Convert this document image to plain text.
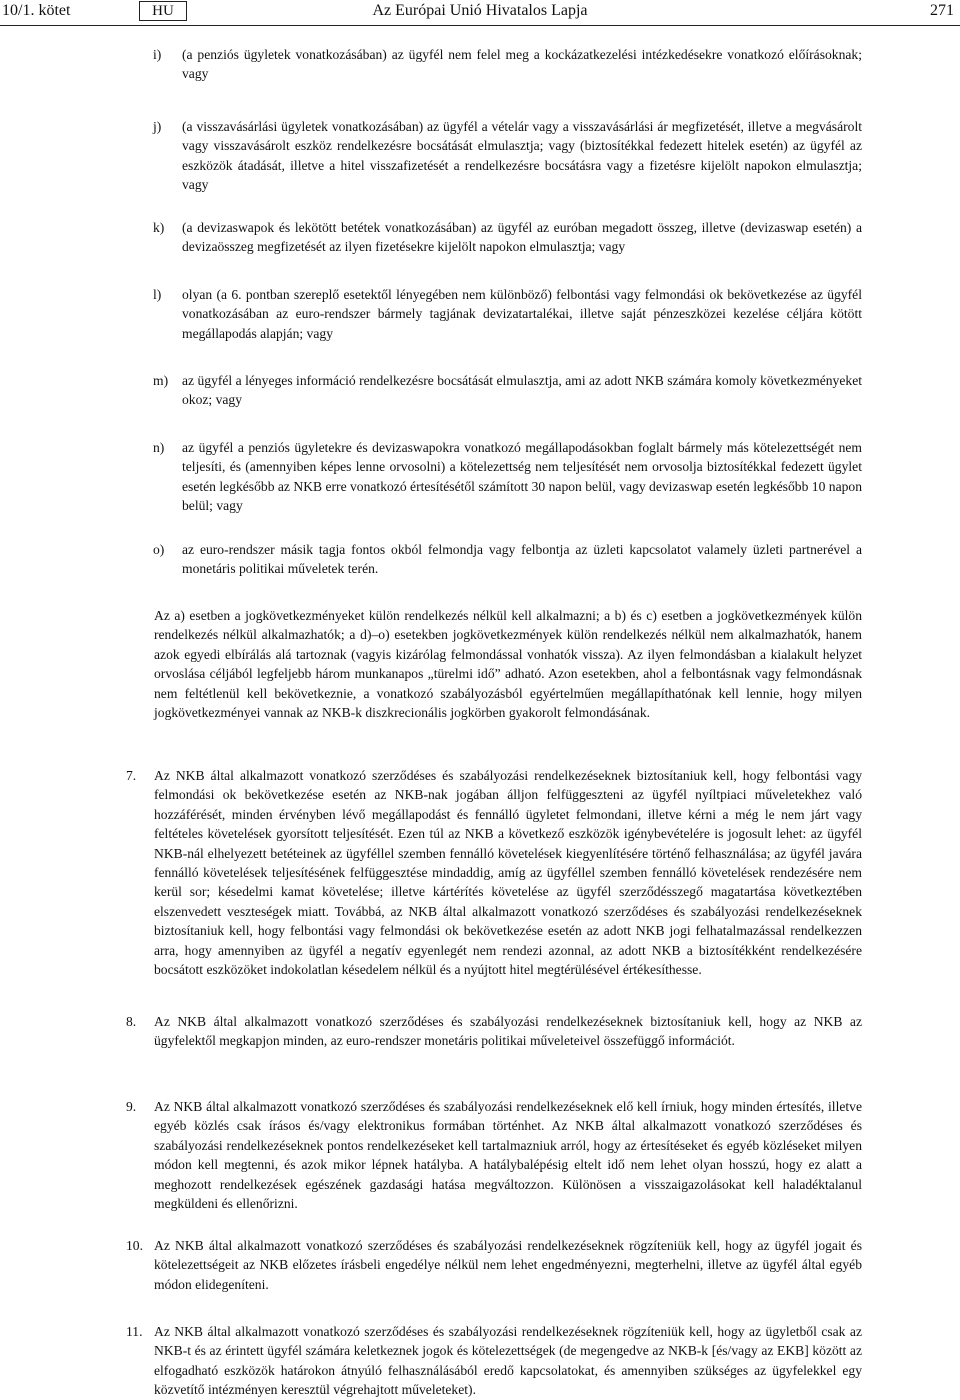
10/1. kötet	Az Európai Unió Hivatalos Lapja
HU	271
i) (a penziós ügyletek vonatkozásában) az ügyfél nem felel meg a kockázatkezelési intézkedésekre vonatkozó előírásoknak; vagy

j) (a visszavásárlási ügyletek vonatkozásában) az ügyfél a vételár vagy a visszavásárlási ár megfizetését, illetve a megvásárolt vagy visszavásárolt eszköz rendelkezésre bocsátását elmulasztja; vagy (biztosítékkal fedezett hitelek esetén) az ügyfél az eszközök átadását, illetve a hitel visszafizetését a rendelkezésre bocsátásra vagy a fizetésre kijelölt napokon elmulasztja; vagy

k) (a devizaswapok és lekötött betétek vonatkozásában) az ügyfél az euróban megadott összeg, illetve (devizaswap esetén) a devizaösszeg megfizetését az ilyen fizetésekre kijelölt napokon elmulasztja; vagy

l) olyan (a 6. pontban szereplő esetektől lényegében nem különböző) felbontási vagy felmondási ok bekövetkezése az ügyfél vonatkozásában az euro-rendszer bármely tagjának devizatartalékai, illetve saját pénzeszközei kezelése céljára kötött megállapodás alapján; vagy

m) az ügyfél a lényeges információ rendelkezésre bocsátását elmulasztja, ami az adott NKB számára komoly következményeket okoz; vagy

n) az ügyfél a penziós ügyletekre és devizaswapokra vonatkozó megállapodásokban foglalt bármely más kötelezettségét nem teljesíti, és (amennyiben képes lenne orvosolni) a kötelezettség nem teljesítését nem orvosolja biztosítékkal fedezett ügylet esetén legkésőbb az NKB erre vonatkozó értesítésétől számított 30 napon belül, vagy devizaswap esetén legkésőbb 10 napon belül; vagy

o) az euro-rendszer másik tagja fontos okból felmondja vagy felbontja az üzleti kapcsolatot valamely üzleti partnerével a monetáris politikai műveletek terén.

Az a) esetben a jogkövetkezményeket külön rendelkezés nélkül kell alkalmazni; a b) és c) esetben a jogkövetkezmények külön rendelkezés nélkül alkalmazhatók; a d)–o) esetekben jogkövetkezmények külön rendelkezés nélkül nem alkalmazhatók, hanem azok egyedi elbírálás alá tartoznak (vagyis kizárólag felmondással vonhatók vissza). Az ilyen felmondásban a kialakult helyzet orvoslása céljából legfeljebb három munkanapos „türelmi idő” adható. Azon esetekben, ahol a felbontásnak vagy felmondásnak nem feltétlenül kell bekövetkeznie, a vonatkozó szabályozásból egyértelműen megállapíthatónak kell lennie, hogy milyen jogkövetkezményei vannak az NKB-k diszkrecionális jogkörben gyakorolt felmondásának.

7. Az NKB által alkalmazott vonatkozó szerződéses és szabályozási rendelkezéseknek biztosítaniuk kell, hogy felbontási vagy felmondási ok bekövetkezése esetén az NKB-nak jogában álljon felfüggeszteni az ügyfél nyíltpiaci műveletekhez való hozzáférését, minden érvényben lévő megállapodást és fennálló ügyletet felmondani, illetve kérni a még le nem járt vagy feltételes követelések gyorsított teljesítését. Ezen túl az NKB a következő eszközök igénybevételére is jogosult lehet: az ügyfél NKB-nál elhelyezett betéteinek az ügyféllel szemben fennálló követelések kiegyenlítésére történő felhasználása; az ügyfél javára fennálló követelések teljesítésének felfüggesztése mindaddig, amíg az ügyféllel szemben fennálló követelések rendezésére nem kerül sor; késedelmi kamat követelése; illetve kártérítés követelése az ügyfél szerződésszegő magatartása következtében elszenvedett veszteségek miatt. Továbbá, az NKB által alkalmazott vonatkozó szerződéses és szabályozási rendelkezéseknek biztosítaniuk kell, hogy felbontási vagy felmondási ok bekövetkezése esetén az adott NKB jogi felhatalmazással rendelkezzen arra, hogy amennyiben az ügyfél a negatív egyenlegét nem rendezi azonnal, az adott NKB a biztosítékként rendelkezésére bocsátott eszközöket indokolatlan késedelem nélkül és a nyújtott hitel megtérülésével értékesíthesse.

8. Az NKB által alkalmazott vonatkozó szerződéses és szabályozási rendelkezéseknek biztosítaniuk kell, hogy az NKB az ügyfelektől megkapjon minden, az euro-rendszer monetáris politikai műveleteivel összefüggő információt.

9. Az NKB által alkalmazott vonatkozó szerződéses és szabályozási rendelkezéseknek elő kell írniuk, hogy minden értesítés, illetve egyéb közlés csak írásos és/vagy elektronikus formában történhet. Az NKB által alkalmazott vonatkozó szerződéses és szabályozási rendelkezéseknek pontos rendelkezéseket kell tartalmazniuk arról, hogy az értesítéseket és egyéb közléseket milyen módon kell megtenni, és azok mikor lépnek hatályba. A hatálybalépésig eltelt idő nem lehet olyan hosszú, hogy ez alatt a meghozott rendelkezések egészének gazdasági hatása megváltozzon. Különösen a visszaigazolásokat kell haladéktalanul megküldeni és ellenőrizni.

10. Az NKB által alkalmazott vonatkozó szerződéses és szabályozási rendelkezéseknek rögzíteniük kell, hogy az ügyfél jogait és kötelezettségeit az NKB előzetes írásbeli engedélye nélkül nem lehet engedményezni, megterhelni, illetve az ügyfél által egyéb módon elidegeníteni.

11. Az NKB által alkalmazott vonatkozó szerződéses és szabályozási rendelkezéseknek rögzíteniük kell, hogy az ügyletből csak az NKB-t és az érintett ügyfél számára keletkeznek jogok és kötelezettségek (de megengedve az NKB-k [és/vagy az EKB] között az elfogadható eszközök határokon átnyúló felhasználásából eredő kapcsolatokat, és amennyiben szükséges az ügyfelekkel egy közvetítő intézményen keresztül végrehajtott műveleteket).
